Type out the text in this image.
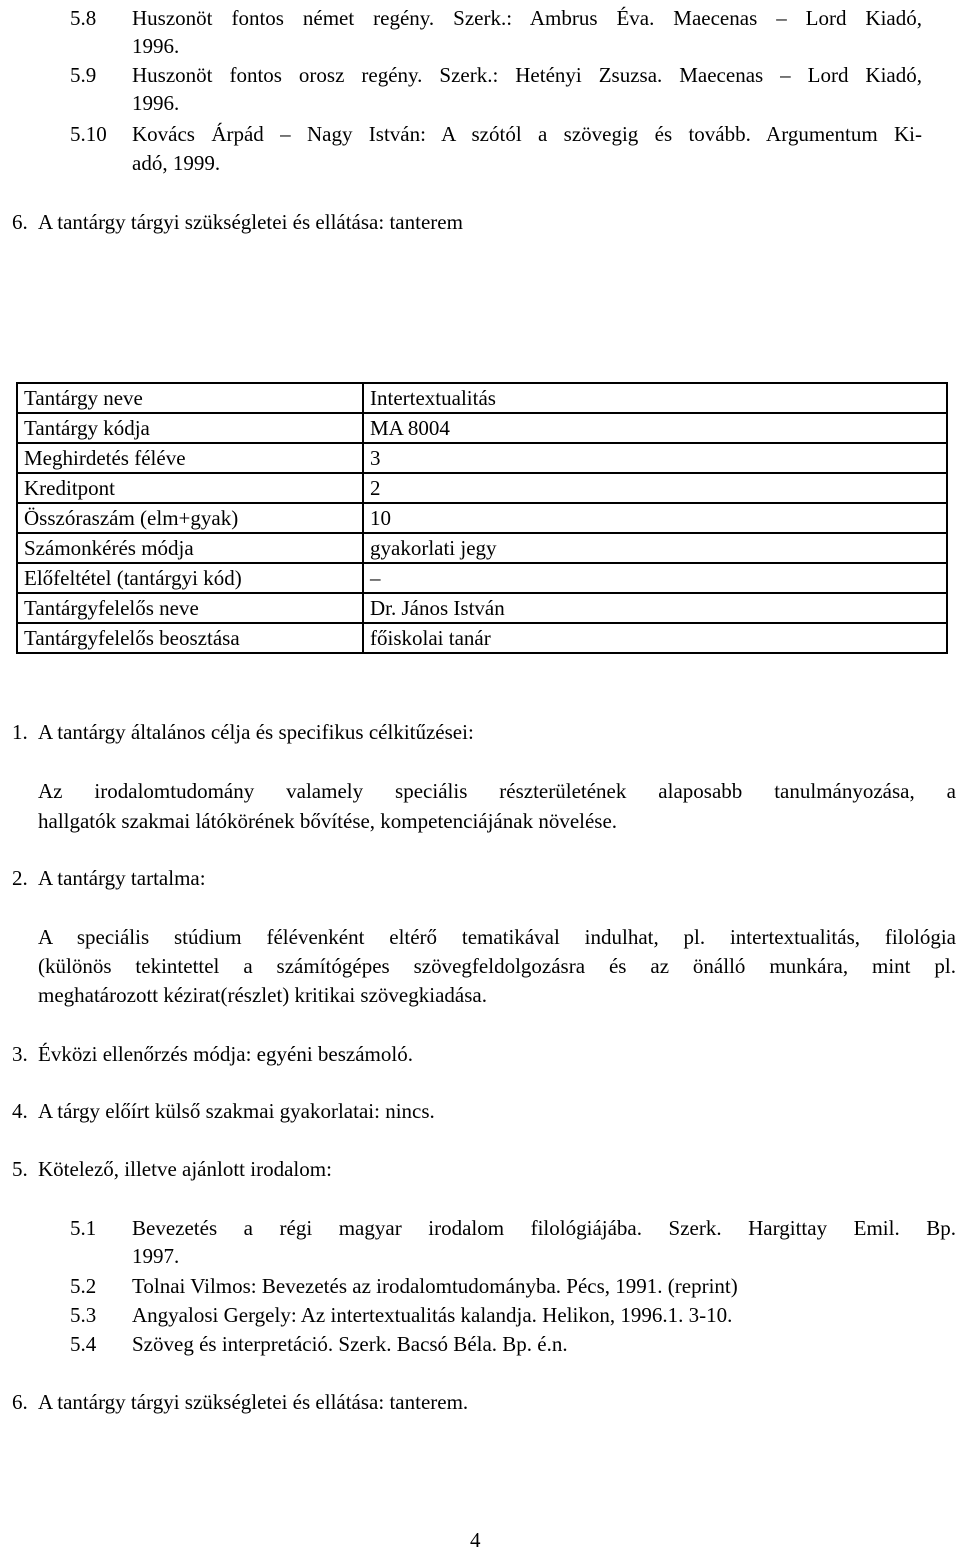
5.8 Huszonöt fontos német regény. Szerk.: Ambrus Éva. Maecenas – Lord Kiadó,
1996.
5.9 Huszonöt fontos orosz regény. Szerk.: Hetényi Zsuzsa. Maecenas – Lord Kiadó,
1996.
5.10 Kovács Árpád – Nagy István: A szótól a szövegig és tovább. Argumentum Ki-
adó, 1999.
6. A tantárgy tárgyi szükségletei és ellátása: tanterem
Tantárgy neve	Intertextualitás
Tantárgy kódja	MA 8004
Meghirdetés féléve	3
Kreditpont	2
Összóraszám (elm+gyak)	10
Számonkérés módja	gyakorlati jegy
Előfeltétel (tantárgyi kód)	–
Tantárgyfelelős neve	Dr. János István
Tantárgyfelelős beosztása	főiskolai tanár
1. A tantárgy általános célja és specifikus célkitűzései:
Az irodalomtudomány valamely speciális részterületének alaposabb tanulmányozása, a
hallgatók szakmai látókörének bővítése, kompetenciájának növelése.
2. A tantárgy tartalma:
A speciális stúdium félévenként eltérő tematikával indulhat, pl. intertextualitás, filológia
(különös tekintettel a számítógépes szövegfeldolgozásra és az önálló munkára, mint pl.
meghatározott kézirat(részlet) kritikai szövegkiadása.
3. Évközi ellenőrzés módja: egyéni beszámoló.
4. A tárgy előírt külső szakmai gyakorlatai: nincs.
5. Kötelező, illetve ajánlott irodalom:
5.1 Bevezetés a régi magyar irodalom filológiájába. Szerk. Hargittay Emil. Bp.
1997.
5.2 Tolnai Vilmos: Bevezetés az irodalomtudományba. Pécs, 1991. (reprint)
5.3 Angyalosi Gergely: Az intertextualitás kalandja. Helikon, 1996.1. 3-10.
5.4 Szöveg és interpretáció. Szerk. Bacsó Béla. Bp. é.n.
6. A tantárgy tárgyi szükségletei és ellátása: tanterem.
4
